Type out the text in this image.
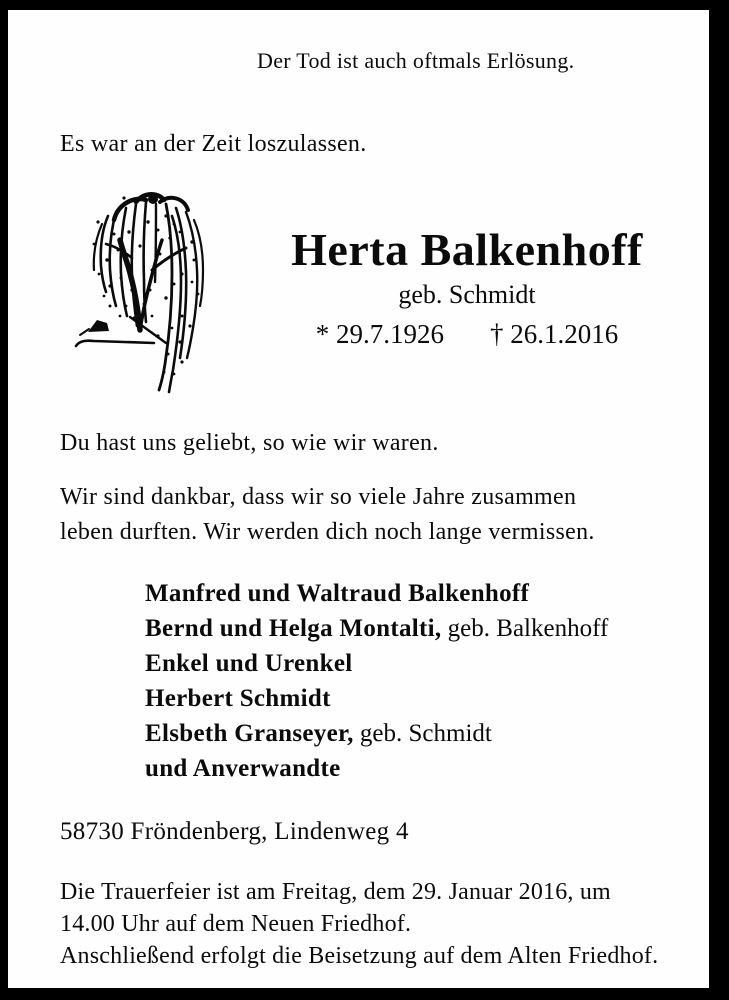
Der Tod ist auch oftmals Erlösung.
Es war an der Zeit loszulassen.
Herta Balkenhoff
geb. Schmidt
* 29.7.1926 † 26.1.2016
Du hast uns geliebt, so wie wir waren.
Wir sind dankbar, dass wir so viele Jahre zusammen
leben durften. Wir werden dich noch lange vermissen.
Manfred und Waltraud Balkenhoff
Bernd und Helga Montalti, geb. Balkenhoff
Enkel und Urenkel
Herbert Schmidt
Elsbeth Granseyer, geb. Schmidt
und Anverwandte
58730 Fröndenberg, Lindenweg 4
Die Trauerfeier ist am Freitag, dem 29. Januar 2016, um
14.00 Uhr auf dem Neuen Friedhof.
Anschließend erfolgt die Beisetzung auf dem Alten Friedhof.
